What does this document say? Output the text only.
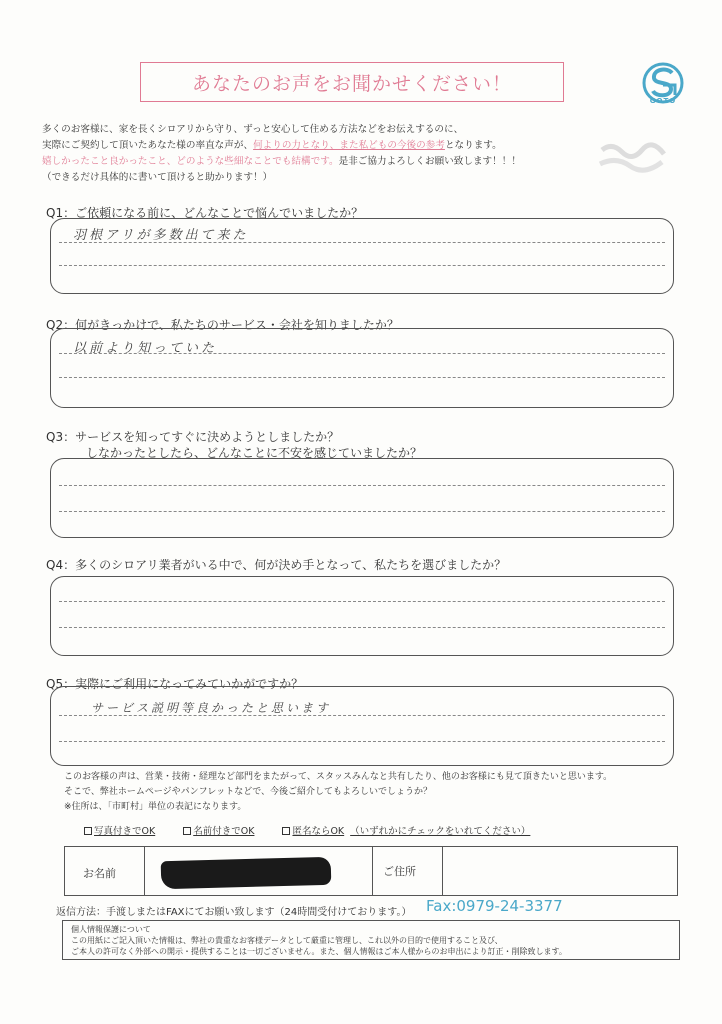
あなたのお声をお聞かせください！
GOTO
多くのお客様に、家を長くシロアリから守り、ずっと安心して住める方法などをお伝えするのに、
実際にご契約して頂いたあなた様の率直な声が、何よりの力となり、また私どもの今後の参考となります。
嬉しかったこと良かったこと、どのような些細なことでも結構です。是非ご協力よろしくお願い致します！！！
（できるだけ具体的に書いて頂けると助かります！）
Q1：ご依頼になる前に、どんなことで悩んでいましたか？
羽根アリが多数出て来た
Q2：何がきっかけで、私たちのサービス・会社を知りましたか？
以前より知っていた
Q3：サービスを知ってすぐに決めようとしましたか？
しなかったとしたら、どんなことに不安を感じていましたか？
Q4：多くのシロアリ業者がいる中で、何が決め手となって、私たちを選びましたか？
Q5：実際にご利用になってみていかがですか？
サービス説明等良かったと思います
このお客様の声は、営業・技術・経理など部門をまたがって、スタッスみんなと共有したり、他のお客様にも見て頂きたいと思います。
そこで、弊社ホームページやパンフレットなどで、今後ご紹介してもよろしいでしょうか？
※住所は、「市町村」単位の表記になります。
写真付きでOK	名前付きでOK	匿名ならOK （いずれかにチェックをいれてください）
お名前	ご住所
返信方法：手渡しまたはFAXにてお願い致します（24時間受付けております。） Fax:0979-24-3377
個人情報保護について
この用紙にご記入頂いた情報は、弊社の貴重なお客様データとして厳重に管理し、これ以外の目的で使用すること及び、
ご本人の許可なく外部への開示・提供することは一切ございません。また、個人情報はご本人様からのお申出により訂正・削除致します。
